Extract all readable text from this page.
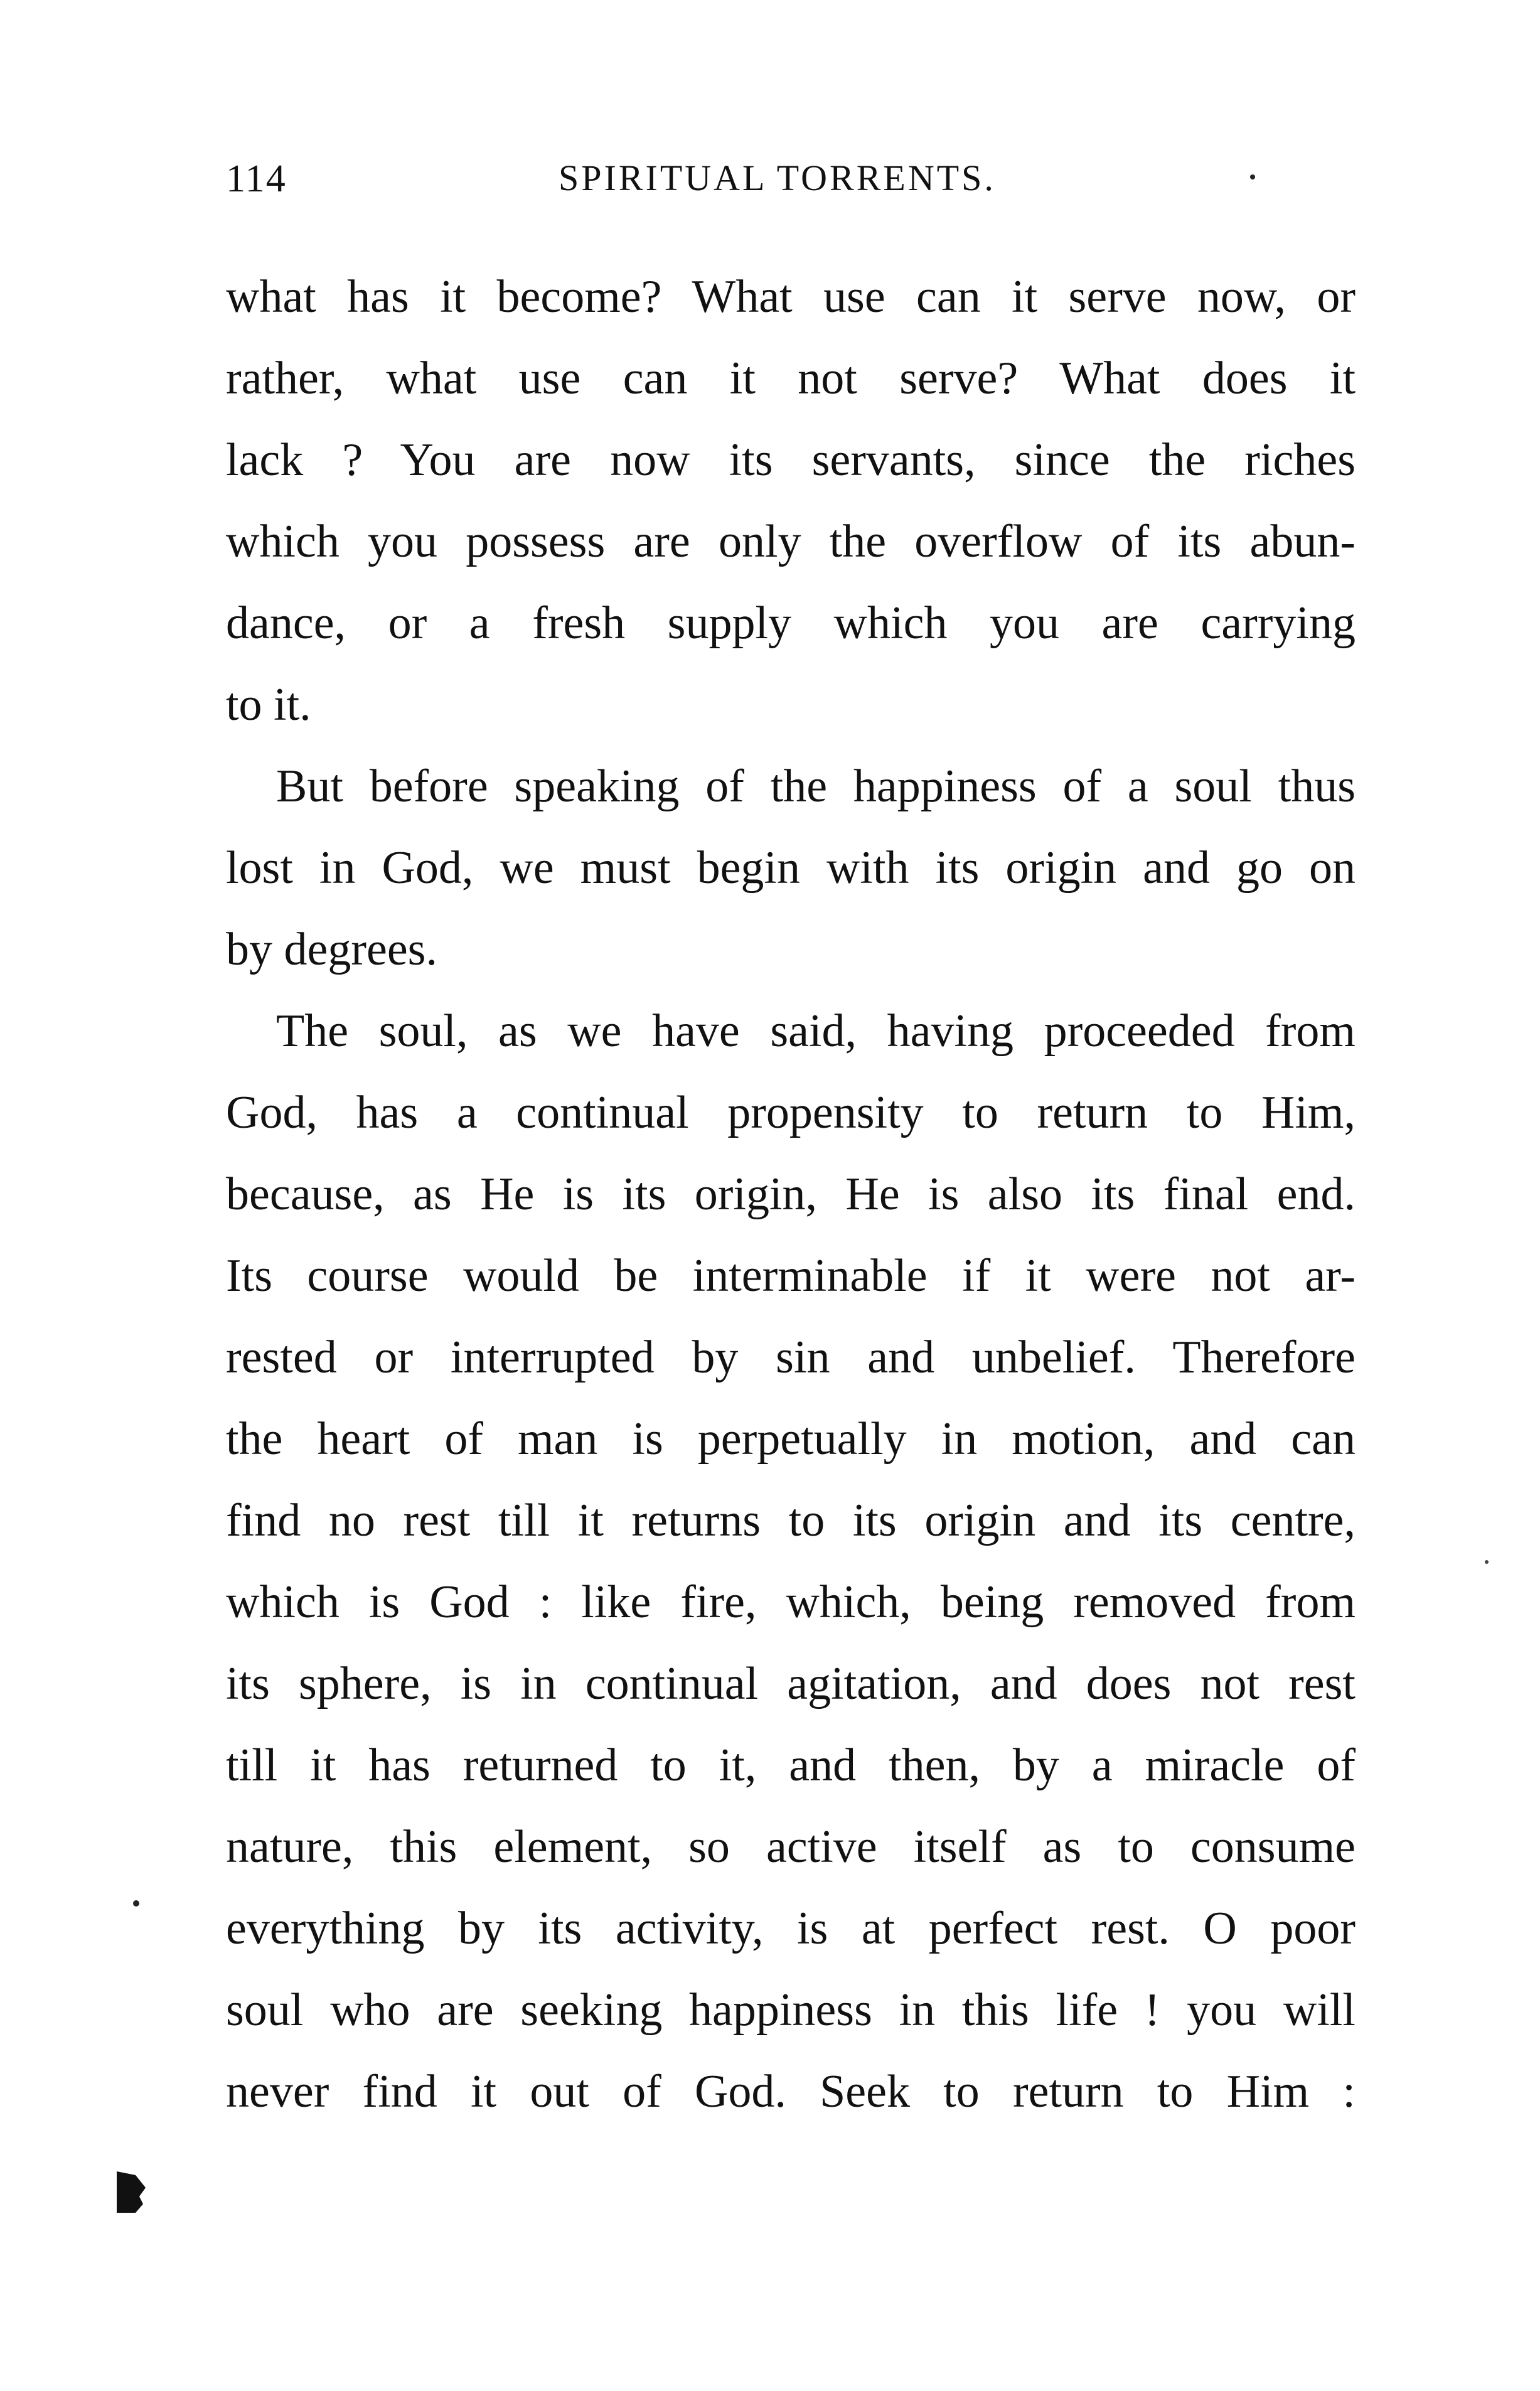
114	SPIRITUAL TORRENTS.
what has it become? What use can it serve now, or
rather, what use can it not serve? What does it
lack ? You are now its servants, since the riches
which you possess are only the overflow of its abun-
dance, or a fresh supply which you are carrying
to it.
But before speaking of the happiness of a soul thus
lost in God, we must begin with its origin and go on
by degrees.
The soul, as we have said, having proceeded from
God, has a continual propensity to return to Him,
because, as He is its origin, He is also its final end.
Its course would be interminable if it were not ar-
rested or interrupted by sin and unbelief. Therefore
the heart of man is perpetually in motion, and can
find no rest till it returns to its origin and its centre,
which is God : like fire, which, being removed from
its sphere, is in continual agitation, and does not rest
till it has returned to it, and then, by a miracle of
nature, this element, so active itself as to consume
everything by its activity, is at perfect rest. O poor
soul who are seeking happiness in this life ! you will
never find it out of God. Seek to return to Him :
